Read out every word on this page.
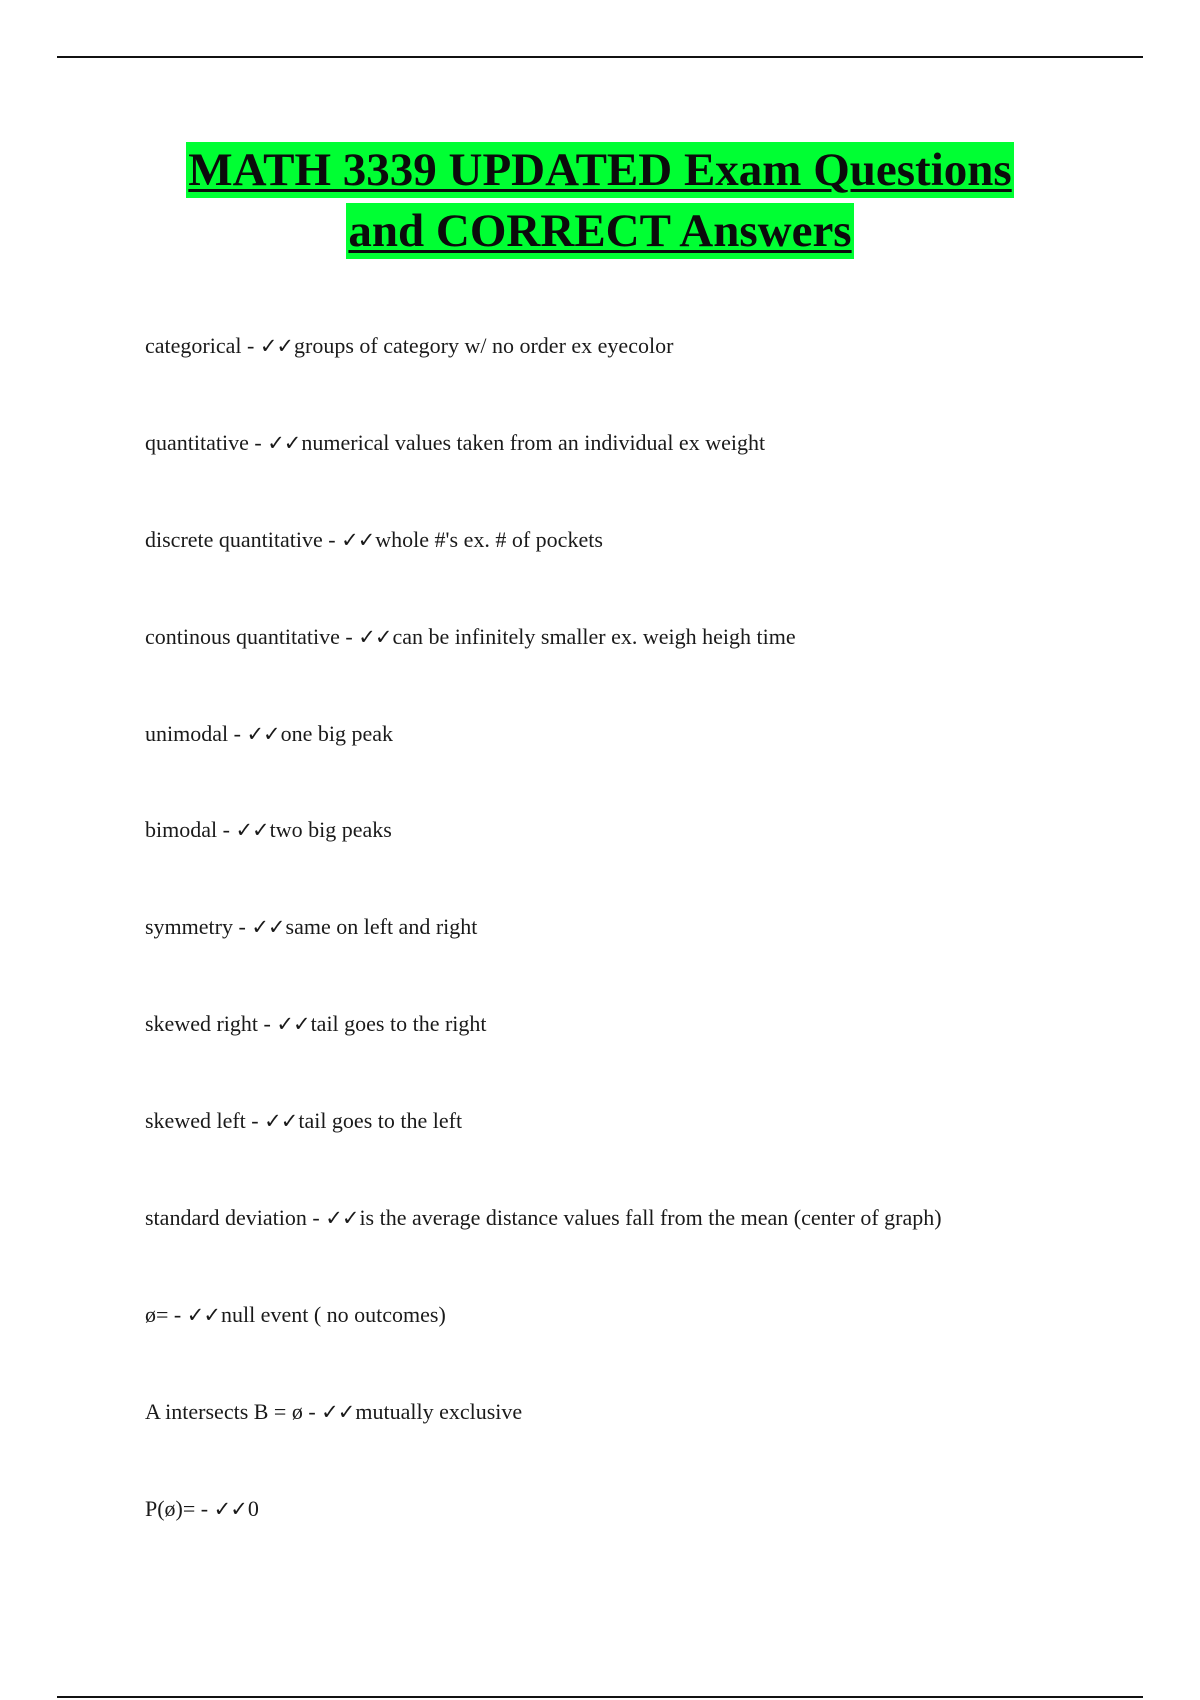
MATH 3339 UPDATED Exam Questions
and CORRECT Answers
categorical - ✓✓groups of category w/ no order ex eyecolor
quantitative - ✓✓numerical values taken from an individual ex weight
discrete quantitative - ✓✓whole #'s ex. # of pockets
continous quantitative - ✓✓can be infinitely smaller ex. weigh heigh time
unimodal - ✓✓one big peak
bimodal - ✓✓two big peaks
symmetry - ✓✓same on left and right
skewed right - ✓✓tail goes to the right
skewed left - ✓✓tail goes to the left
standard deviation - ✓✓is the average distance values fall from the mean (center of graph)
ø= - ✓✓null event ( no outcomes)
A intersects B = ø - ✓✓mutually exclusive
P(ø)= - ✓✓0
